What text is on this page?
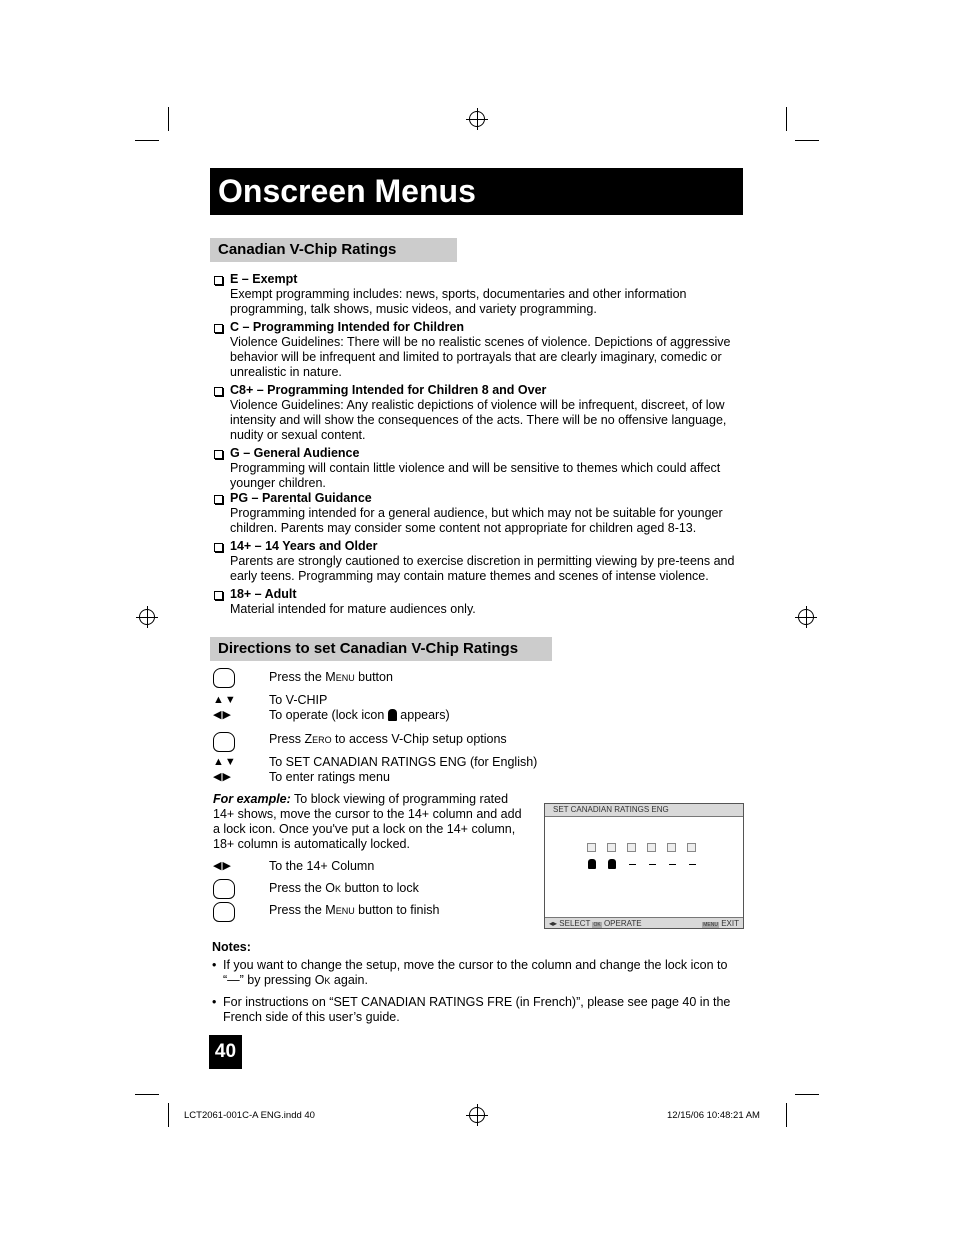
Onscreen Menus
Canadian V-Chip Ratings
E – Exempt
Exempt programming includes: news, sports, documentaries and other information programming, talk shows, music videos, and variety programming.
C – Programming Intended for Children
Violence Guidelines: There will be no realistic scenes of violence. Depictions of aggressive behavior will be infrequent and limited to portrayals that are clearly imaginary, comedic or unrealistic in nature.
C8+ – Programming Intended for Children 8 and Over
Violence Guidelines: Any realistic depictions of violence will be infrequent, discreet, of low intensity and will show the consequences of the acts. There will be no offensive language, nudity or sexual content.
G – General Audience
Programming will contain little violence and will be sensitive to themes which could affect younger children.
PG – Parental Guidance
Programming intended for a general audience, but which may not be suitable for younger children. Parents may consider some content not appropriate for children aged 8-13.
14+ – 14 Years and Older
Parents are strongly cautioned to exercise discretion in permitting viewing by pre-teens and early teens. Programming may contain mature themes and scenes of intense violence.
18+ – Adult
Material intended for mature audiences only.
Directions to set Canadian V-Chip Ratings
Press the Menu button
▲▼	To V-CHIP
◀▶	To operate (lock icon  appears)
Press Zero to access V-Chip setup options
▲▼	To SET CANADIAN RATINGS ENG (for English)
◀▶	To enter ratings menu
For example: To block viewing of programming rated 14+ shows, move the cursor to the 14+ column and add a lock icon. Once you've put a lock on the 14+ column, 18+ column is automatically locked.
◀▶	To the 14+ Column
Press the Ok button to lock
Press the Menu button to finish
SET CANADIAN RATINGS ENG
◂▸ SELECT OK OPERATE	MENU EXIT
Notes:
• If you want to change the setup, move the cursor to the column and change the lock icon to “—” by pressing Ok again.
• For instructions on “SET CANADIAN RATINGS FRE (in French)”, please see page 40 in the French side of this user’s guide.
40
LCT2061-001C-A ENG.indd 40	12/15/06 10:48:21 AM
